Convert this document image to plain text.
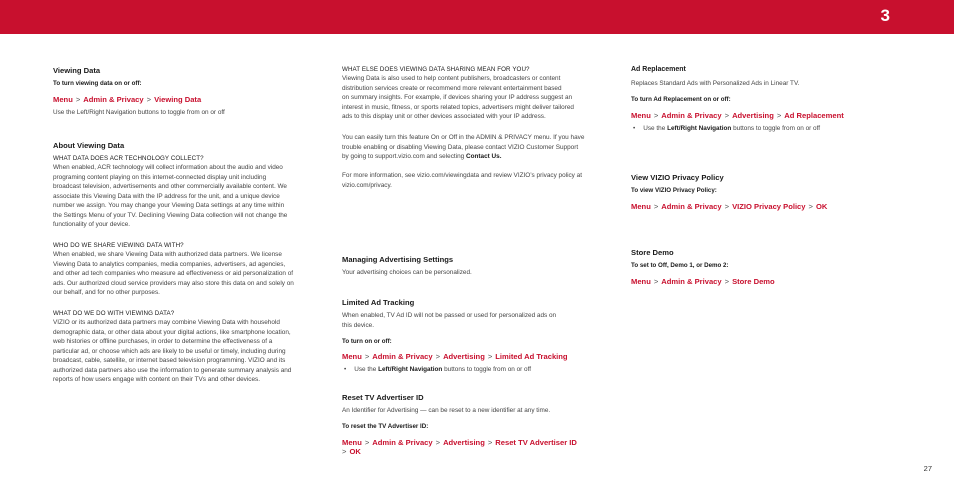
3
Viewing Data
To turn viewing data on or off:
Menu > Admin & Privacy > Viewing Data
Use the Left/Right Navigation buttons to toggle from on or off
About Viewing Data
WHAT DATA DOES ACR TECHNOLOGY COLLECT?
When enabled, ACR technology will collect information about the audio and video
programing content playing on this internet-connected display unit including
broadcast television, advertisements and other commercially available content. We
associate this Viewing Data with the IP address for the unit, and a unique device
number we assign. You may change your Viewing Data settings at any time within
the Settings Menu of your TV. Declining Viewing Data collection will not change the
functionality of your device.
WHO DO WE SHARE VIEWING DATA WITH?
When enabled, we share Viewing Data with authorized data partners. We license
Viewing Data to analytics companies, media companies, advertisers, ad agencies,
and other ad tech companies who measure ad effectiveness or aid personalization of
ads. Our authorized cloud service providers may also store this data on and solely on
our behalf, and for no other purposes.
WHAT DO WE DO WITH VIEWING DATA?
VIZIO or its authorized data partners may combine Viewing Data with household
demographic data, or other data about your digital actions, like smartphone location,
web histories or offline purchases, in order to determine the effectiveness of a
particular ad, or choose which ads are likely to be useful or timely, including during
broadcast, cable, satellite, or internet based television programming. VIZIO and its
authorized data partners also use the information to generate summary analysis and
reports of how users engage with content on their TVs and other devices.
WHAT ELSE DOES VIEWING DATA SHARING MEAN FOR YOU?
Viewing Data is also used to help content publishers, broadcasters or content
distribution services create or recommend more relevant entertainment based
on summary insights. For example, if devices sharing your IP address suggest an
interest in music, fitness, or sports related topics, advertisers might deliver tailored
ads to this display unit or other devices associated with your IP address.
You can easily turn this feature On or Off in the ADMIN & PRIVACY menu. If you have
trouble enabling or disabling Viewing Data, please contact VIZIO Customer Support
by going to support.vizio.com and selecting Contact Us.
For more information, see vizio.com/viewingdata and review VIZIO’s privacy policy at
vizio.com/privacy.
Managing Advertising Settings
Your advertising choices can be personalized.
Limited Ad Tracking
When enabled, TV Ad ID will not be passed or used for personalized ads on
this device.
To turn on or off:
Menu > Admin & Privacy > Advertising > Limited Ad Tracking
• Use the Left/Right Navigation buttons to toggle from on or off
Reset TV Advertiser ID
An Identifier for Advertising — can be reset to a new identifier at any time.
To reset the TV Advertiser ID:
Menu > Admin & Privacy > Advertising > Reset TV Advertiser ID
> OK
Ad Replacement
Replaces Standard Ads with Personalized Ads in Linear TV.
To turn Ad Replacement on or off:
Menu > Admin & Privacy > Advertising > Ad Replacement
• Use the Left/Right Navigation buttons to toggle from on or off
View VIZIO Privacy Policy
To view VIZIO Privacy Policy:
Menu > Admin & Privacy > VIZIO Privacy Policy > OK
Store Demo
To set to Off, Demo 1, or Demo 2:
Menu > Admin & Privacy > Store Demo
27
